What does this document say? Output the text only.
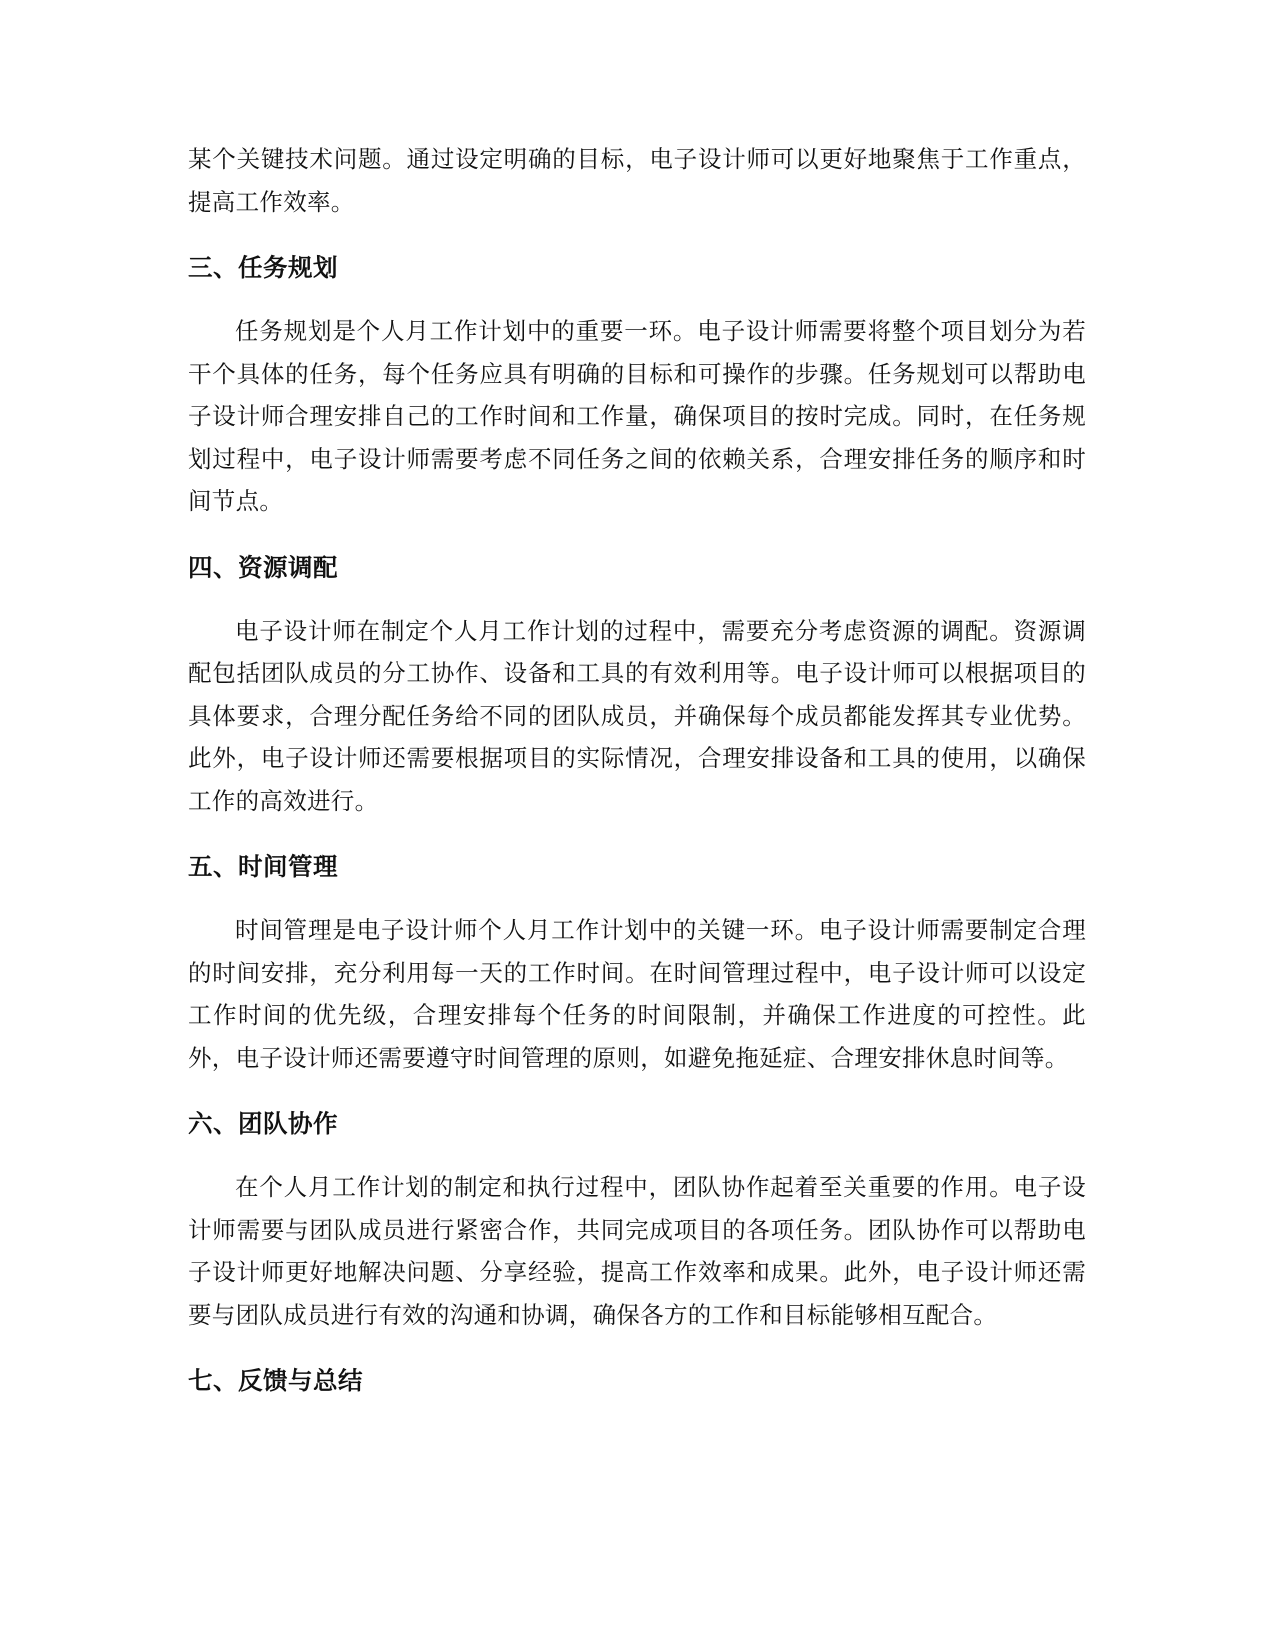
某个关键技术问题。通过设定明确的目标，电子设计师可以更好地聚焦于工作重点，提高工作效率。

三、任务规划

任务规划是个人月工作计划中的重要一环。电子设计师需要将整个项目划分为若干个具体的任务，每个任务应具有明确的目标和可操作的步骤。任务规划可以帮助电子设计师合理安排自己的工作时间和工作量，确保项目的按时完成。同时，在任务规划过程中，电子设计师需要考虑不同任务之间的依赖关系，合理安排任务的顺序和时间节点。

四、资源调配

电子设计师在制定个人月工作计划的过程中，需要充分考虑资源的调配。资源调配包括团队成员的分工协作、设备和工具的有效利用等。电子设计师可以根据项目的具体要求，合理分配任务给不同的团队成员，并确保每个成员都能发挥其专业优势。此外，电子设计师还需要根据项目的实际情况，合理安排设备和工具的使用，以确保工作的高效进行。

五、时间管理

时间管理是电子设计师个人月工作计划中的关键一环。电子设计师需要制定合理的时间安排，充分利用每一天的工作时间。在时间管理过程中，电子设计师可以设定工作时间的优先级，合理安排每个任务的时间限制，并确保工作进度的可控性。此外，电子设计师还需要遵守时间管理的原则，如避免拖延症、合理安排休息时间等。

六、团队协作

在个人月工作计划的制定和执行过程中，团队协作起着至关重要的作用。电子设计师需要与团队成员进行紧密合作，共同完成项目的各项任务。团队协作可以帮助电子设计师更好地解决问题、分享经验，提高工作效率和成果。此外，电子设计师还需要与团队成员进行有效的沟通和协调，确保各方的工作和目标能够相互配合。

七、反馈与总结
